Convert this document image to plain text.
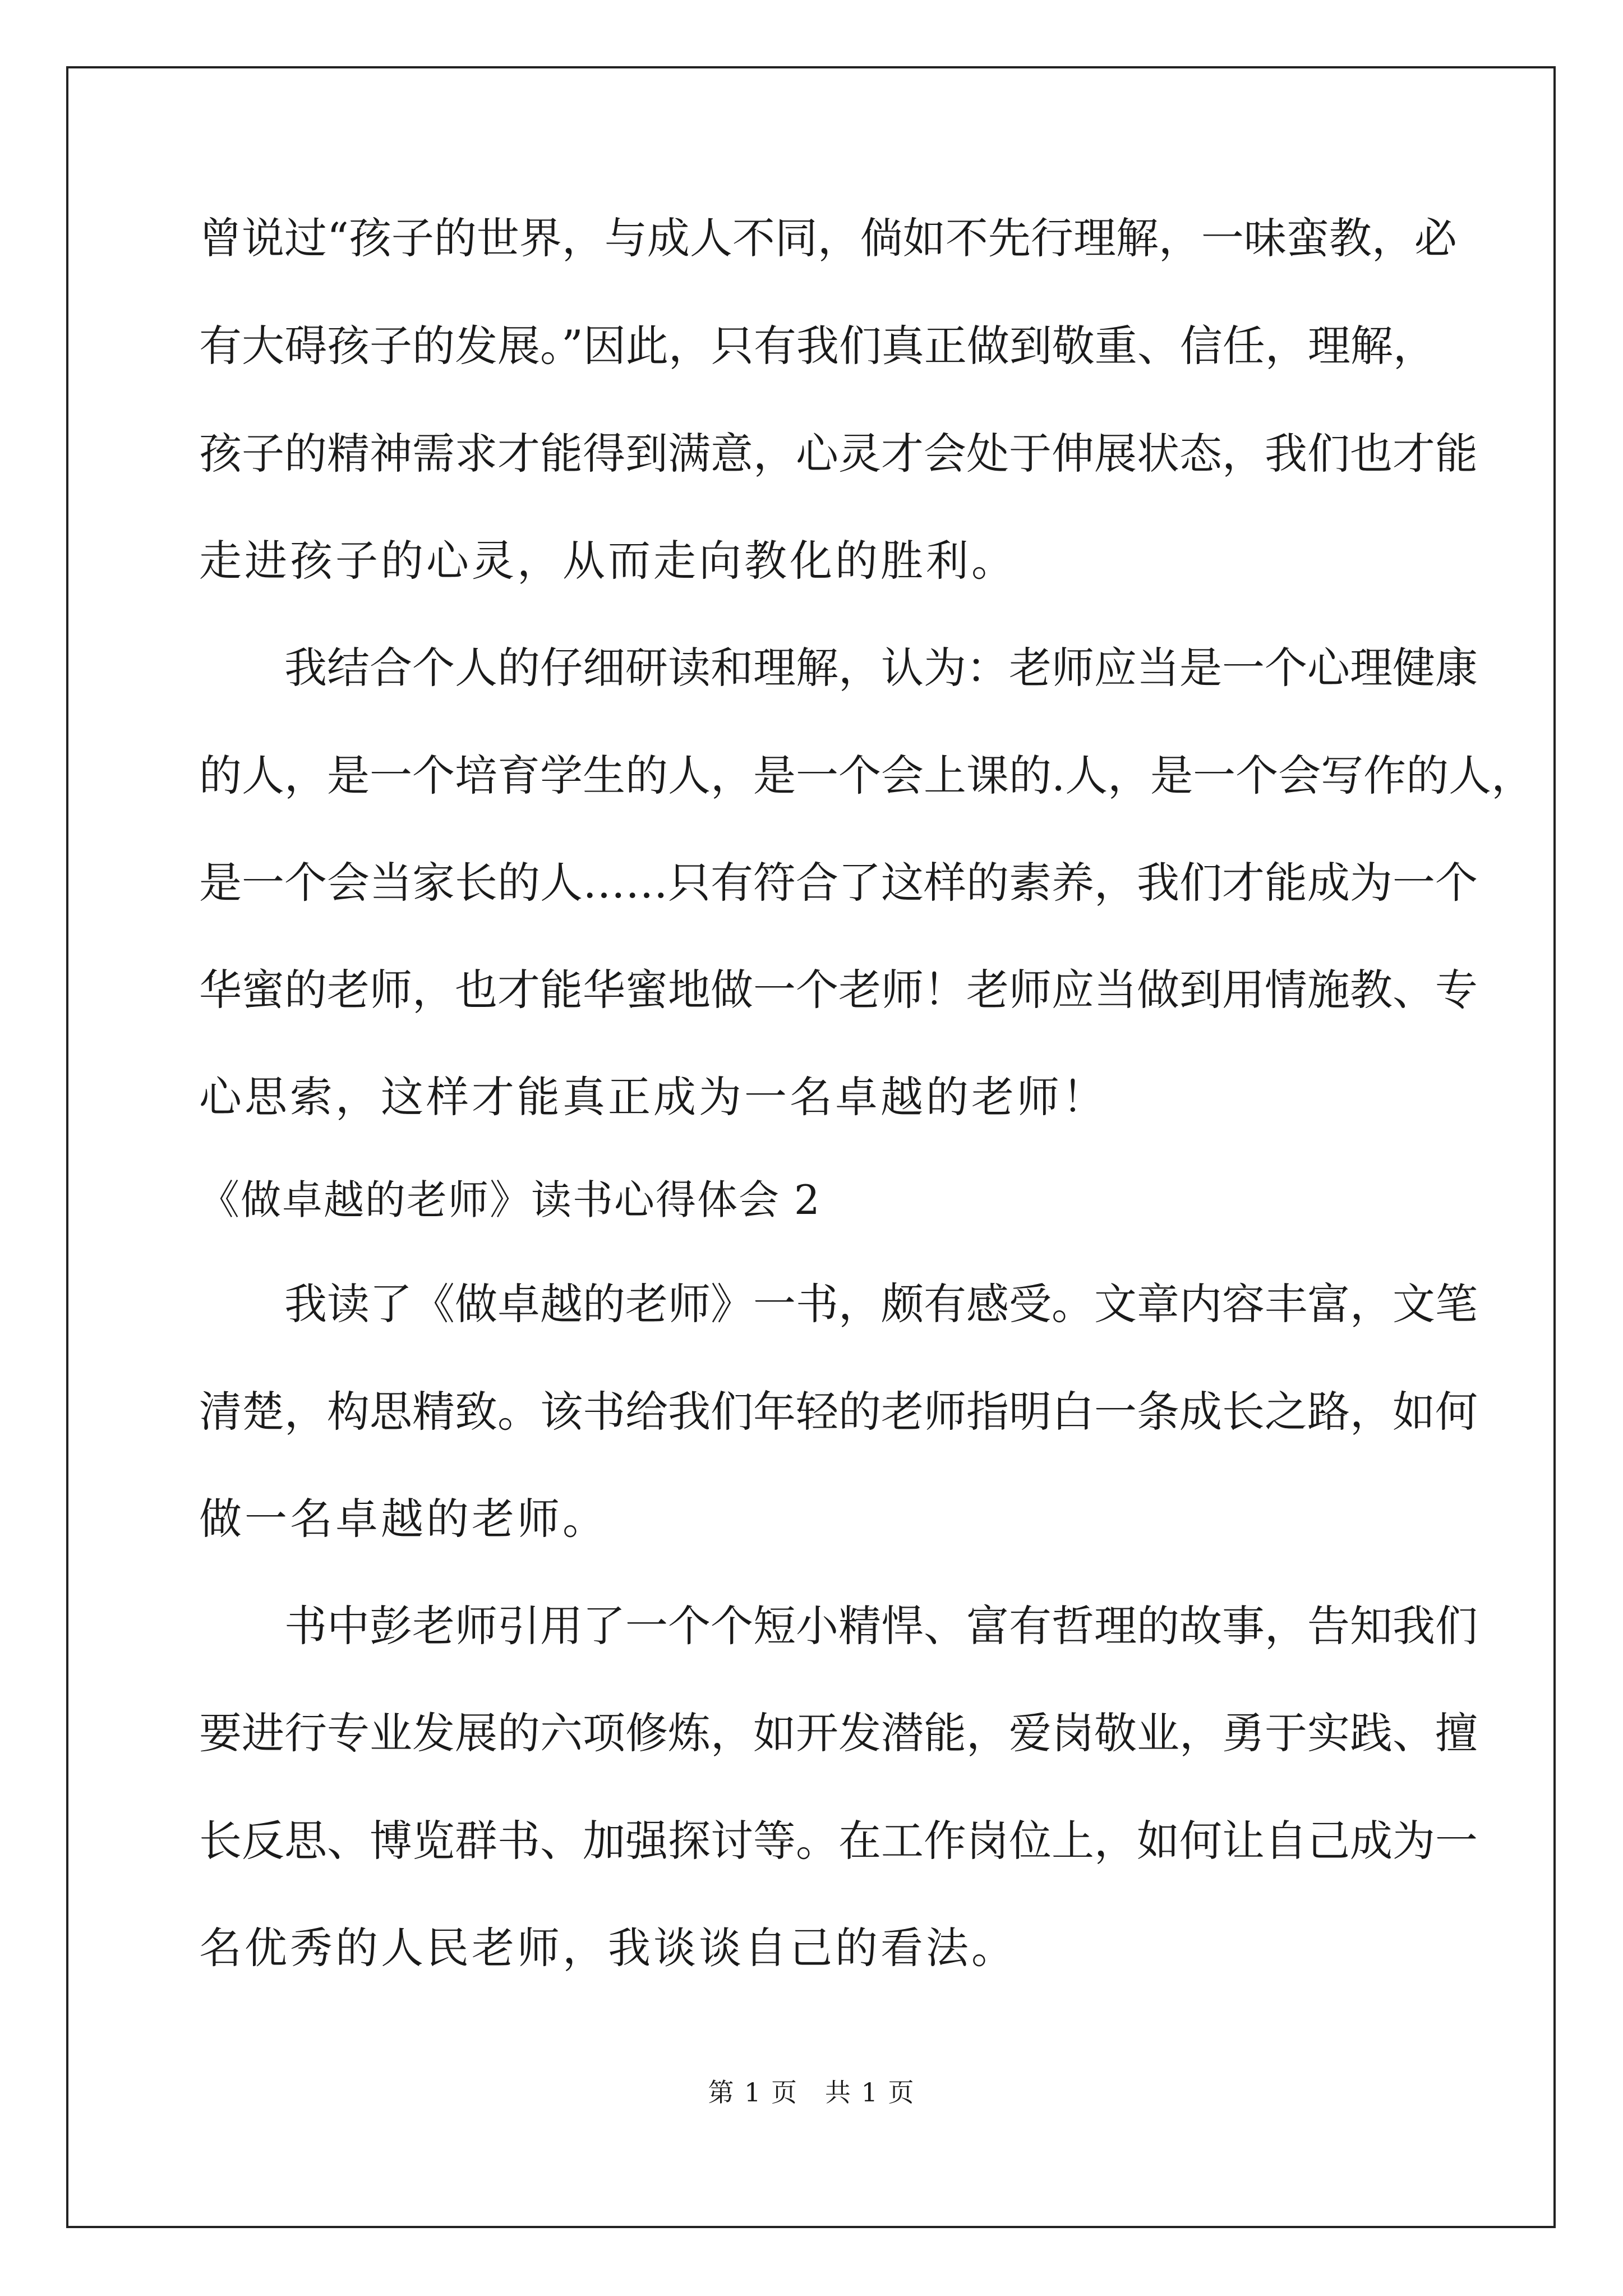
曾说过“孩子的世界，与成人不同，倘如不先行理解，一味蛮教，必
有大碍孩子的发展。”因此，只有我们真正做到敬重、信任，理解，
孩子的精神需求才能得到满意，心灵才会处于伸展状态，我们也才能
走进孩子的心灵，从而走向教化的胜利。
我结合个人的仔细研读和理解，认为：老师应当是一个心理健康
的人，是一个培育学生的人，是一个会上课的.人，是一个会写作的人，
是一个会当家长的人……只有符合了这样的素养，我们才能成为一个
华蜜的老师，也才能华蜜地做一个老师！老师应当做到用情施教、专
心思索，这样才能真正成为一名卓越的老师！
《做卓越的老师》读书心得体会 2
我读了《做卓越的老师》一书，颇有感受。文章内容丰富，文笔
清楚，构思精致。该书给我们年轻的老师指明白一条成长之路，如何
做一名卓越的老师。
书中彭老师引用了一个个短小精悍、富有哲理的故事，告知我们
要进行专业发展的六项修炼，如开发潜能，爱岗敬业，勇于实践、擅
长反思、博览群书、加强探讨等。在工作岗位上，如何让自己成为一
名优秀的人民老师，我谈谈自己的看法。
第 1 页 共 1 页
